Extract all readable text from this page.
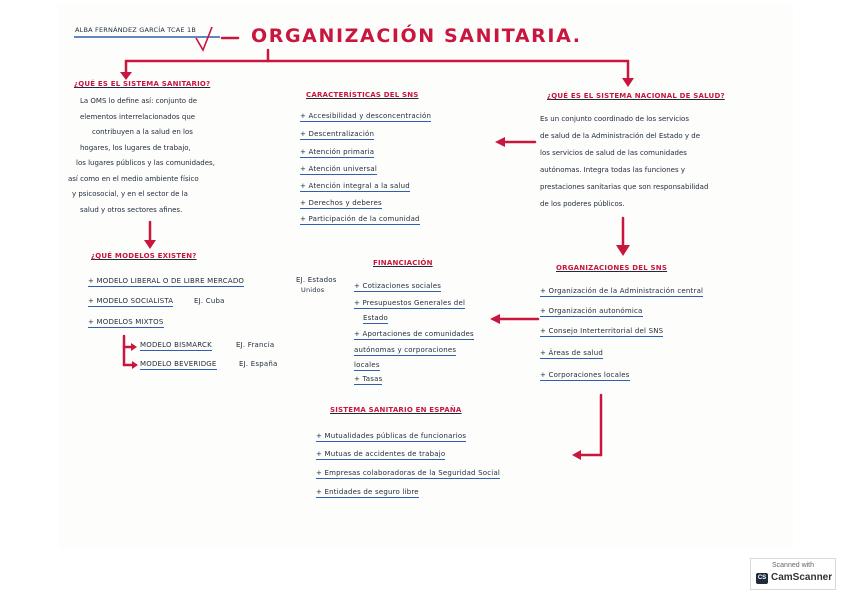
ALBA FERNÁNDEZ GARCÍA TCAE 1B	ORGANIZACIÓN SANITARIA.
¿QUÉ ES EL SISTEMA SANITARIO?
La OMS lo define así: conjunto de
elementos interrelacionados que
contribuyen a la salud en los
hogares, los lugares de trabajo,
los lugares públicos y las comunidades,
así como en el medio ambiente físico
y psicosocial, y en el sector de la
salud y otros sectores afines.
CARACTERÍSTICAS DEL SNS
+ Accesibilidad y desconcentración
+ Descentralización
+ Atención primaria
+ Atención universal
+ Atención integral a la salud
+ Derechos y deberes
+ Participación de la comunidad
¿QUÉ ES EL SISTEMA NACIONAL DE SALUD?
Es un conjunto coordinado de los servicios
de salud de la Administración del Estado y de
los servicios de salud de las comunidades
autónomas. Integra todas las funciones y
prestaciones sanitarias que son responsabilidad
de los poderes públicos.
¿QUÉ MODELOS EXISTEN?
+ MODELO LIBERAL O DE LIBRE MERCADO	EJ. Estados
Unidos
+ MODELO SOCIALISTA	EJ. Cuba
+ MODELOS MIXTOS
MODELO BISMARCK	EJ. Francia
MODELO BEVERIDGE	EJ. España
FINANCIACIÓN
+ Cotizaciones sociales
+ Presupuestos Generales del
Estado
+ Aportaciones de comunidades
autónomas y corporaciones
locales
+ Tasas
ORGANIZACIONES DEL SNS
+ Organización de la Administración central
+ Organización autonómica
+ Consejo Interterritorial del SNS
+ Áreas de salud
+ Corporaciones locales
SISTEMA SANITARIO EN ESPAÑA
+ Mutualidades públicas de funcionarios
+ Mutuas de accidentes de trabajo
+ Empresas colaboradoras de la Seguridad Social
+ Entidades de seguro libre
Scanned with
CS CamScanner
